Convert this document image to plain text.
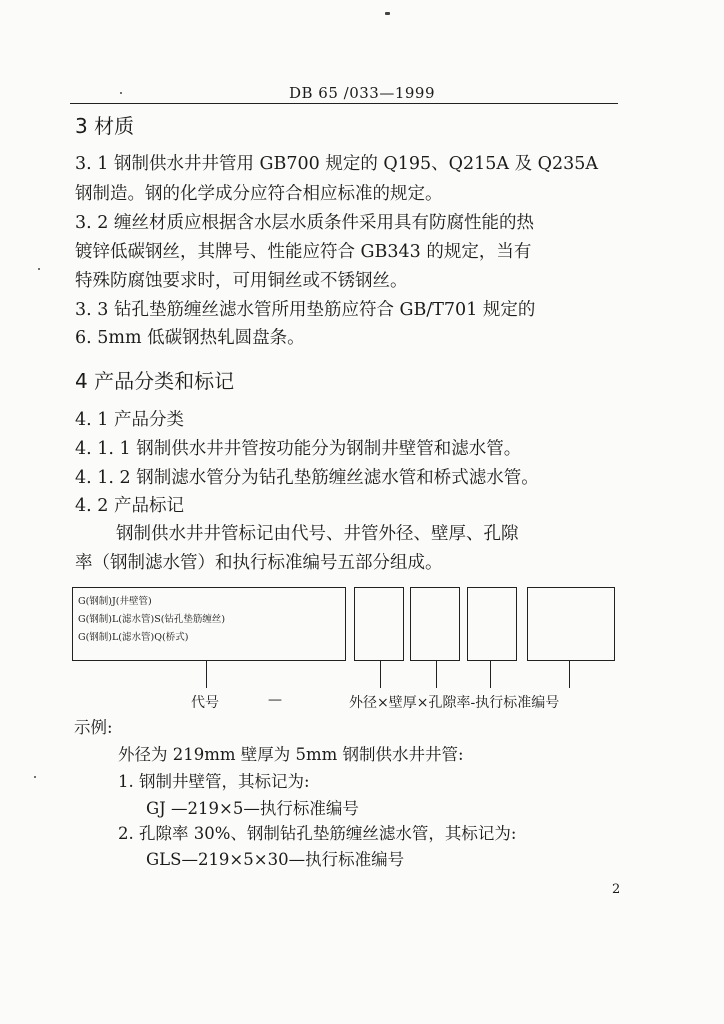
DB 65 /033—1999
3 材质
3. 1 钢制供水井井管用 GB700 规定的 Q195、Q215A 及 Q235A
钢制造。钢的化学成分应符合相应标准的规定。
3. 2 缠丝材质应根据含水层水质条件采用具有防腐性能的热
镀锌低碳钢丝，其牌号、性能应符合 GB343 的规定，当有
特殊防腐蚀要求时，可用铜丝或不锈钢丝。
3. 3 钻孔垫筋缠丝滤水管所用垫筋应符合 GB/T701 规定的
6. 5mm 低碳钢热轧圆盘条。
4 产品分类和标记
4. 1 产品分类
4. 1. 1 钢制供水井井管按功能分为钢制井壁管和滤水管。
4. 1. 2 钢制滤水管分为钻孔垫筋缠丝滤水管和桥式滤水管。
4. 2 产品标记
钢制供水井井管标记由代号、井管外径、壁厚、孔隙
率（钢制滤水管）和执行标准编号五部分组成。
G(钢制)J(井壁管)
G(钢制)L(滤水管)S(钻孔垫筋缠丝)
G(钢制)L(滤水管)Q(桥式)
代号	—	外径×壁厚×孔隙率-执行标准编号
示例:
外径为 219mm 壁厚为 5mm 钢制供水井井管:
1. 钢制井壁管，其标记为:
GJ —219×5—执行标准编号
2. 孔隙率 30%、钢制钻孔垫筋缠丝滤水管，其标记为:
GLS—219×5×30—执行标准编号
2
